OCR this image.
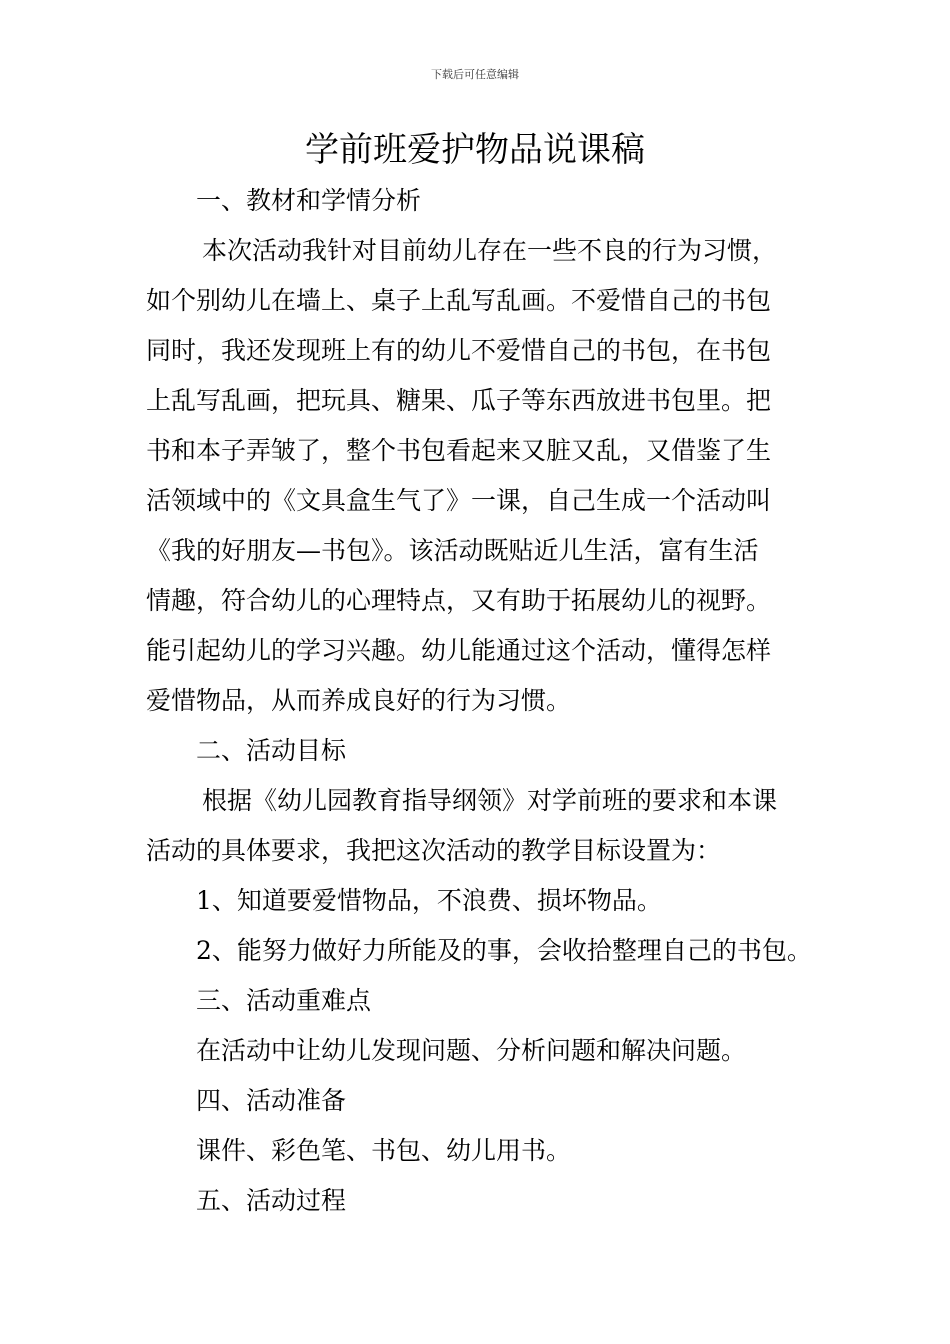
下载后可任意编辑
学前班爱护物品说课稿
一、教材和学情分析
本次活动我针对目前幼儿存在一些不良的行为习惯，
如个别幼儿在墙上、桌子上乱写乱画。不爱惜自己的书包
同时，我还发现班上有的幼儿不爱惜自己的书包，在书包
上乱写乱画，把玩具、糖果、瓜子等东西放进书包里。把
书和本子弄皱了，整个书包看起来又脏又乱，又借鉴了生
活领域中的《文具盒生气了》一课，自己生成一个活动叫
《我的好朋友—书包》。该活动既贴近儿生活，富有生活
情趣，符合幼儿的心理特点，又有助于拓展幼儿的视野。
能引起幼儿的学习兴趣。幼儿能通过这个活动，懂得怎样
爱惜物品，从而养成良好的行为习惯。
二、活动目标
根据《幼儿园教育指导纲领》对学前班的要求和本课
活动的具体要求，我把这次活动的教学目标设置为：
1、知道要爱惜物品，不浪费、损坏物品。
2、能努力做好力所能及的事，会收拾整理自己的书包。
三、活动重难点
在活动中让幼儿发现问题、分析问题和解决问题。
四、活动准备
课件、彩色笔、书包、幼儿用书。
五、活动过程
